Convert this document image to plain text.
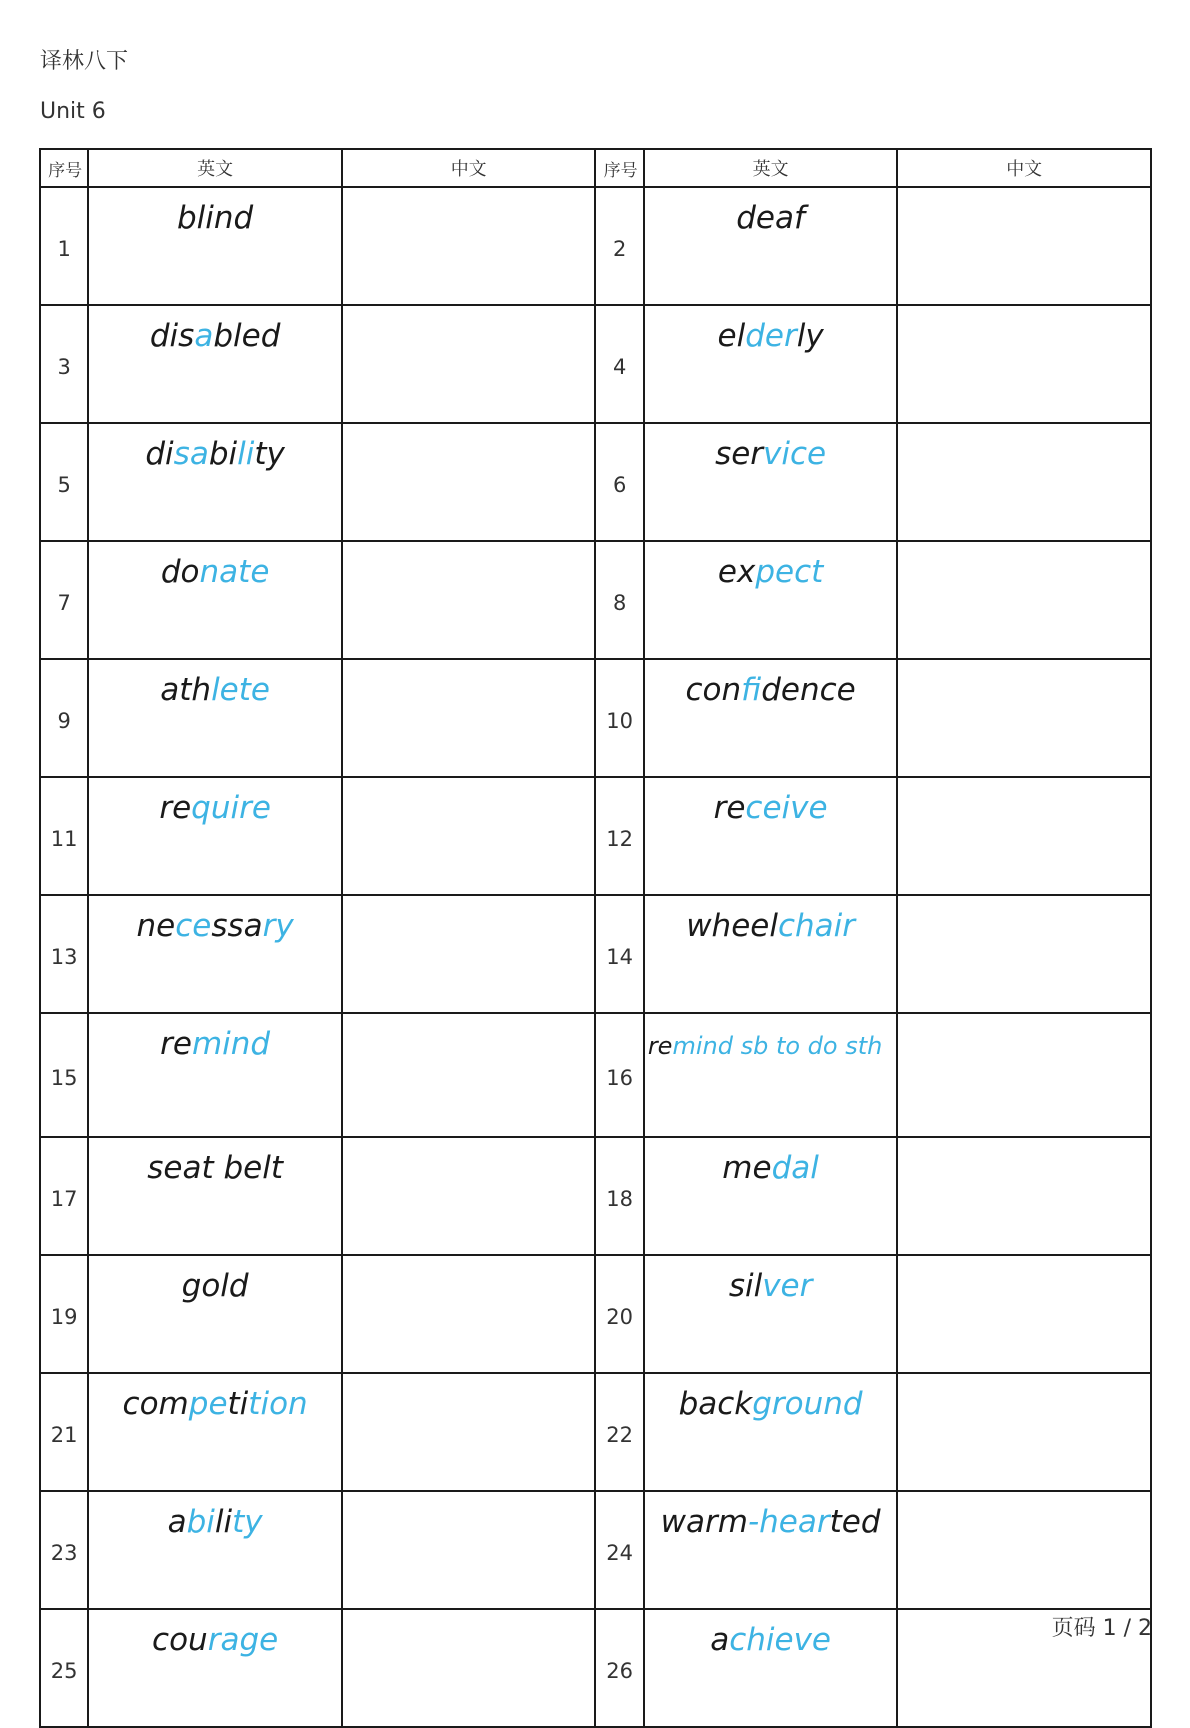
译林八下
Unit 6
序号	英文	中文	序号	英文	中文
1	blind		2	deaf	
3	disabled		4	elderly	
5	disability		6	service	
7	donate		8	expect	
9	athlete		10	confidence	
11	require		12	receive	
13	necessary		14	wheelchair	
15	remind		16	remind sb to do sth	
17	seat belt		18	medal	
19	gold		20	silver	
21	competition		22	background	
23	ability		24	warm-hearted	
25	courage		26	achieve		页码 1 / 2
